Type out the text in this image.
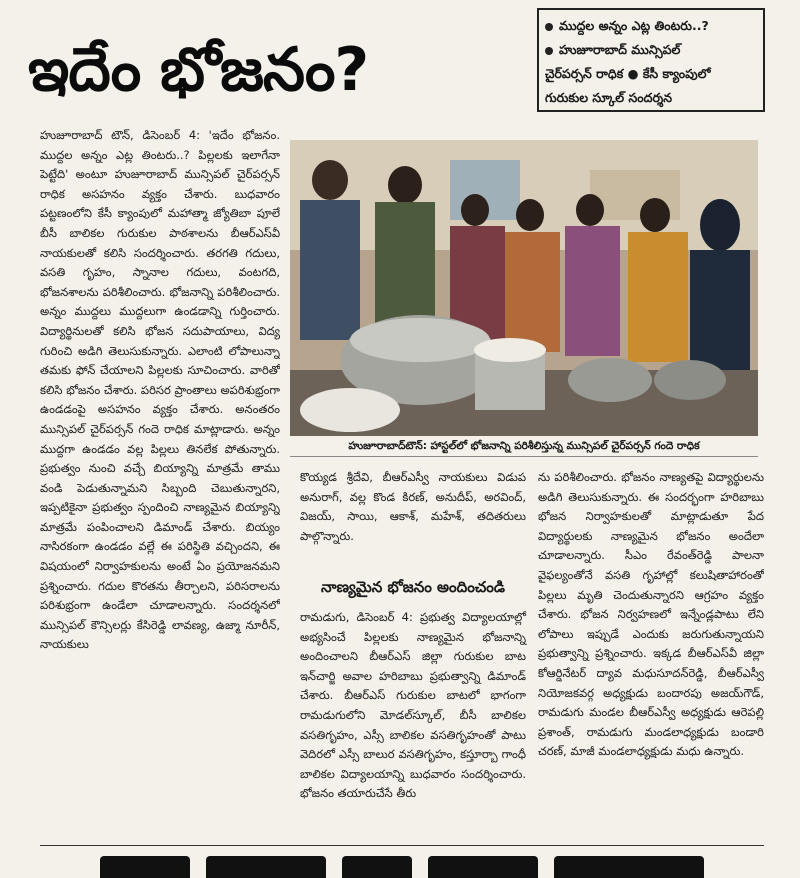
ఇదేం భోజనం?
ముద్దల అన్నం ఎట్ల తింటరు..?
హుజూరాబాద్ మున్సిపల్
చైర్‌పర్సన్ రాధిక ● కేసీ క్యాంపులో
గురుకుల స్కూల్ సందర్శన

హుజూరాబాద్ టౌన్, డిసెంబర్ 4: 'ఇదేం భోజనం. ముద్దల అన్నం ఎట్ల తింటరు..? పిల్లలకు ఇలాగేనా పెట్టేది' అంటూ హుజూరాబాద్ మున్సిపల్ చైర్‌పర్సన్ రాధిక అసహనం వ్యక్తం చేశారు. బుధవారం పట్టణంలోని కేసీ క్యాంపులో మహాత్మా జ్యోతిబా పూలే బీసీ బాలికల గురుకుల పాఠశాలను బీఆర్‌ఎస్‌వీ నాయకులతో కలిసి సందర్శించారు. తరగతి గదులు, వసతి గృహం, స్నానాల గదులు, వంటగది, భోజనశాలను పరిశీలించారు. భోజనాన్ని పరిశీలించారు. అన్నం ముద్దలు ముద్దలుగా ఉండడాన్ని గుర్తించారు. విద్యార్థినులతో కలిసి భోజన సదుపాయాలు, విద్య గురించి అడిగి తెలుసుకున్నారు. ఎలాంటి లోపాలున్నా తమకు ఫోన్ చేయాలని పిల్లలకు సూచించారు. వారితో కలిసి భోజనం చేశారు. పరిసర ప్రాంతాలు అపరిశుభ్రంగా ఉండడంపై అసహనం వ్యక్తం చేశారు. అనంతరం మున్సిపల్ చైర్‌పర్సన్ గందె రాధిక మాట్లాడారు. అన్నం ముద్దగా ఉండడం వల్ల పిల్లలు తినలేక పోతున్నారు. ప్రభుత్వం నుంచి వచ్చే బియ్యాన్ని మాత్రమే తాము వండి పెడుతున్నామని సిబ్బంది చెబుతున్నారని, ఇప్పటికైనా ప్రభుత్వం స్పందించి నాణ్యమైన బియ్యాన్ని మాత్రమే పంపించాలని డిమాండ్ చేశారు. బియ్యం నాసిరకంగా ఉండడం వల్లే ఈ పరిస్థితి వచ్చిందని, ఈ విషయంలో నిర్వాహకులను అంటే ఏం ప్రయోజనమని ప్రశ్నించారు. గదుల కొరతను తీర్చాలని, పరిసరాలను పరిశుభ్రంగా ఉండేలా చూడాలన్నారు. సందర్శనలో మున్సిపల్ కౌన్సిలర్లు కేసిరెడ్డి లావణ్య, ఉజ్మా నూరీన్, నాయకులు

హుజూరాబాద్‌టౌన్: హాస్టల్‌లో భోజనాన్ని పరిశీలిస్తున్న మున్సిపల్ చైర్‌పర్సన్ గందె రాధిక

కొయ్యడ శ్రీదేవి, బీఆర్‌ఎస్వీ నాయకులు విడుప అనురాగ్, వల్ల కొండ కిరణ్, అనుదీప్, అరవింద్, విజయ్, సాయి, ఆకాశ్, మహేశ్, తదితరులు పాల్గొన్నారు.

నాణ్యమైన భోజనం అందించండి

రామడుగు, డిసెంబర్ 4: ప్రభుత్వ విద్యాలయాల్లో అభ్యసించే పిల్లలకు నాణ్యమైన భోజనాన్ని అందించాలని బీఆర్‌ఎస్ జిల్లా గురుకుల బాట ఇన్‌చార్జి అవాల హరిబాబు ప్రభుత్వాన్ని డిమాండ్ చేశారు. బీఆర్‌ఎస్ గురుకుల బాటలో భాగంగా రామడుగులోని మోడల్‌స్కూల్, బీసీ బాలికల వసతిగృహం, ఎస్సీ బాలికల వసతిగృహంతో పాటు వెదిరలో ఎస్సీ బాలుర వసతిగృహం, కస్తూర్బా గాంధీ బాలికల విద్యాలయాన్ని బుధవారం సందర్శించారు. భోజనం తయారుచేసే తీరు

ను పరిశీలించారు. భోజనం నాణ్యతపై విద్యార్థులను అడిగి తెలుసుకున్నారు. ఈ సందర్భంగా హరిబాబు భోజన నిర్వాహకులతో మాట్లాడుతూ పేద విద్యార్థులకు నాణ్యమైన భోజనం అందేలా చూడాలన్నారు. సీఎం రేవంత్‌రెడ్డి పాలనా వైఫల్యంతోనే వసతి గృహాల్లో కలుషితాహారంతో పిల్లలు మృతి చెందుతున్నారని ఆగ్రహం వ్యక్తం చేశారు. భోజన నిర్వహణలో ఇన్నేండ్లపాటు లేని లోపాలు ఇప్పుడే ఎందుకు జరుగుతున్నాయని ప్రభుత్వాన్ని ప్రశ్నించారు. ఇక్కడ బీఆర్‌ఎస్‌వీ జిల్లా కోఆర్డినేటర్ ద్యావ మధుసూదన్‌రెడ్డి, బీఆర్‌ఎస్వీ నియోజకవర్గ అధ్యక్షుడు బందారపు అజయ్‌గౌడ్, రామడుగు మండల బీఆర్‌ఎస్వీ అధ్యక్షుడు ఆరెపల్లి ప్రశాంత్, రామడుగు మండలాధ్యక్షుడు బండారి చరణ్, మాజీ మండలాధ్యక్షుడు మధు ఉన్నారు.
